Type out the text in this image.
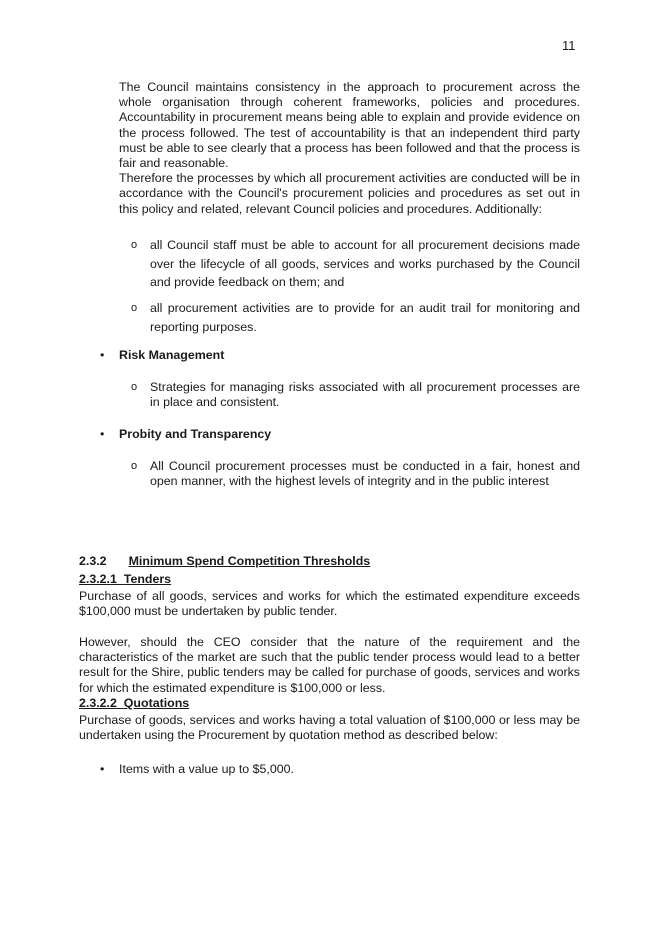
11
The Council maintains consistency in the approach to procurement across the whole organisation through coherent frameworks, policies and procedures. Accountability in procurement means being able to explain and provide evidence on the process followed. The test of accountability is that an independent third party must be able to see clearly that a process has been followed and that the process is fair and reasonable.
Therefore the processes by which all procurement activities are conducted will be in accordance with the Council's procurement policies and procedures as set out in this policy and related, relevant Council policies and procedures. Additionally:
o all Council staff must be able to account for all procurement decisions made over the lifecycle of all goods, services and works purchased by the Council and provide feedback on them; and
o all procurement activities are to provide for an audit trail for monitoring and reporting purposes.
• Risk Management
o Strategies for managing risks associated with all procurement processes are in place and consistent.
• Probity and Transparency
o All Council procurement processes must be conducted in a fair, honest and open manner, with the highest levels of integrity and in the public interest
2.3.2 Minimum Spend Competition Thresholds
2.3.2.1 Tenders
Purchase of all goods, services and works for which the estimated expenditure exceeds $100,000 must be undertaken by public tender.
However, should the CEO consider that the nature of the requirement and the characteristics of the market are such that the public tender process would lead to a better result for the Shire, public tenders may be called for purchase of goods, services and works for which the estimated expenditure is $100,000 or less.
2.3.2.2 Quotations
Purchase of goods, services and works having a total valuation of $100,000 or less may be undertaken using the Procurement by quotation method as described below:
• Items with a value up to $5,000.
